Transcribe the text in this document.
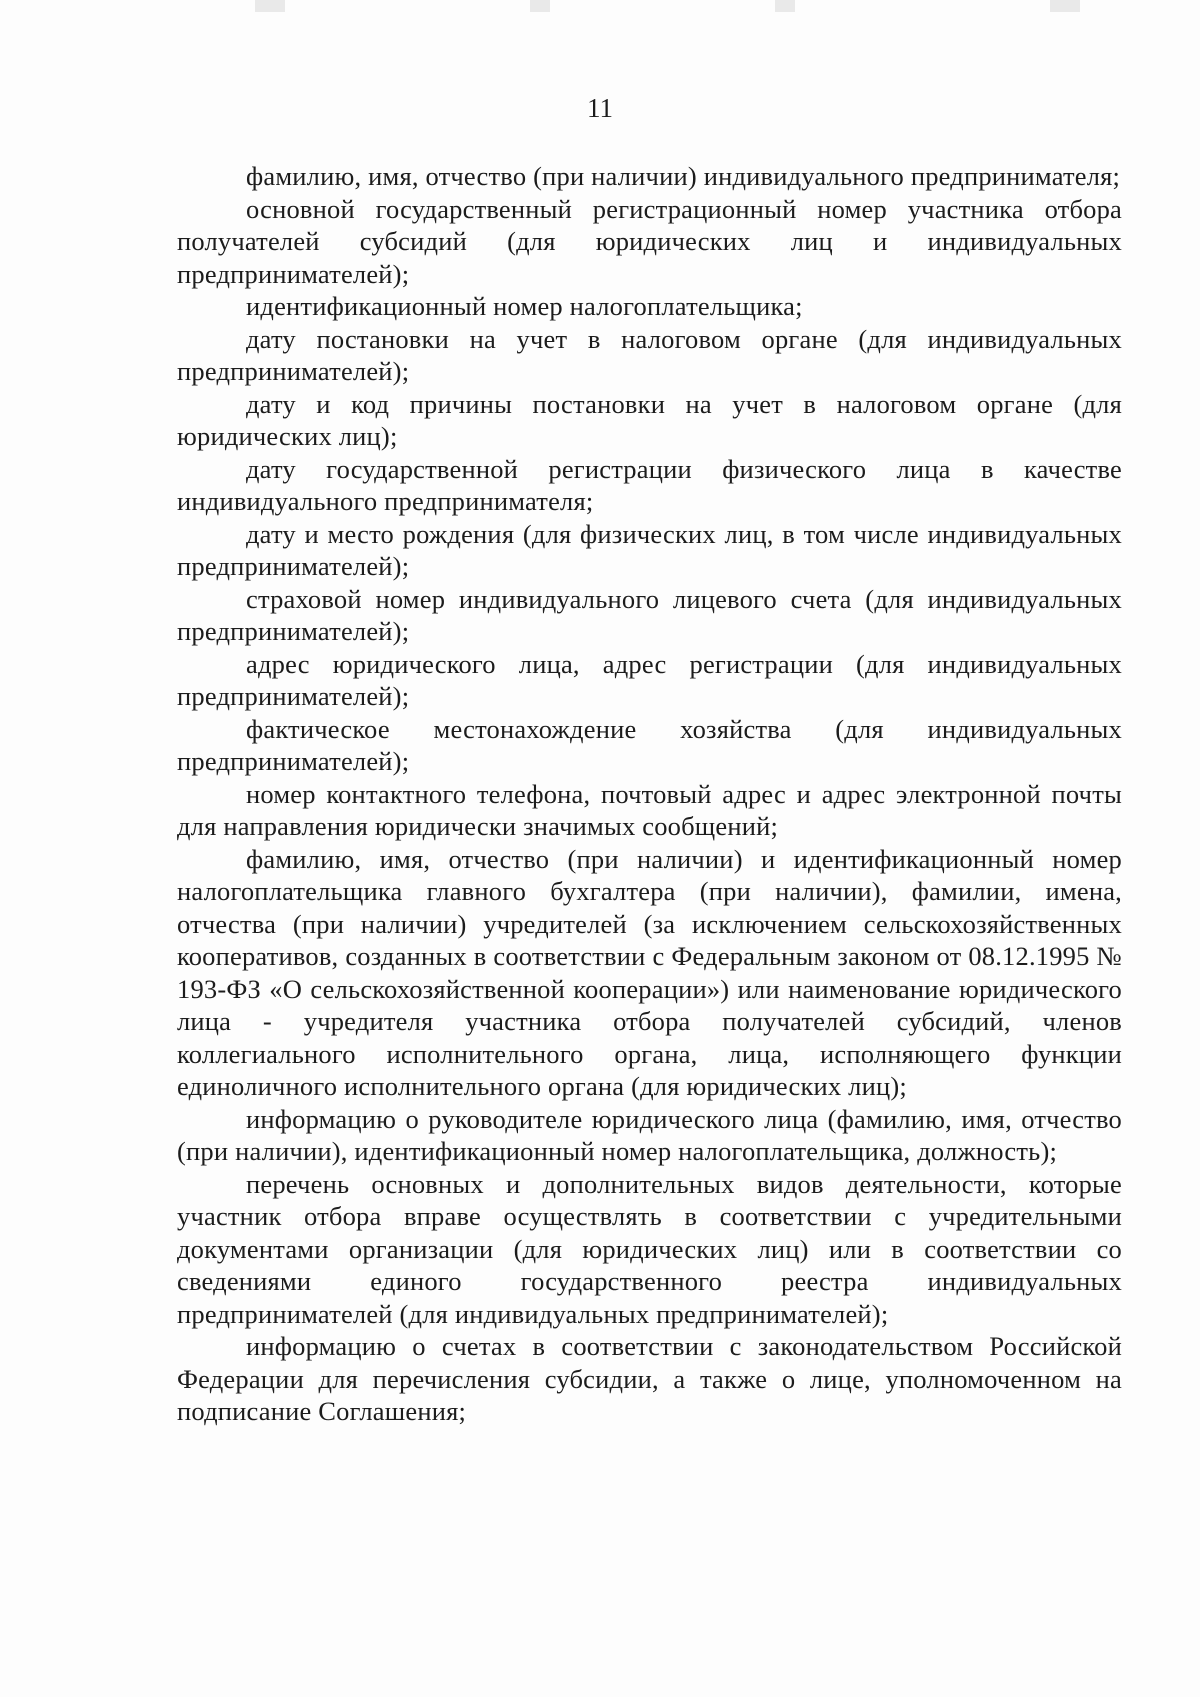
11

фамилию, имя, отчество (при наличии) индивидуального предпринимателя;

основной государственный регистрационный номер участника отбора получателей субсидий (для юридических лиц и индивидуальных предпринимателей);

идентификационный номер налогоплательщика;

дату постановки на учет в налоговом органе (для индивидуальных предпринимателей);

дату и код причины постановки на учет в налоговом органе (для юридических лиц);

дату государственной регистрации физического лица в качестве индивидуального предпринимателя;

дату и место рождения (для физических лиц, в том числе индивидуальных предпринимателей);

страховой номер индивидуального лицевого счета (для индивидуальных предпринимателей);

адрес юридического лица, адрес регистрации (для индивидуальных предпринимателей);

фактическое местонахождение хозяйства (для индивидуальных предпринимателей);

номер контактного телефона, почтовый адрес и адрес электронной почты для направления юридически значимых сообщений;

фамилию, имя, отчество (при наличии) и идентификационный номер налогоплательщика главного бухгалтера (при наличии), фамилии, имена, отчества (при наличии) учредителей (за исключением сельскохозяйственных кооперативов, созданных в соответствии с Федеральным законом от 08.12.1995 № 193-ФЗ «О сельскохозяйственной кооперации») или наименование юридического лица - учредителя участника отбора получателей субсидий, членов коллегиального исполнительного органа, лица, исполняющего функции единоличного исполнительного органа (для юридических лиц);

информацию о руководителе юридического лица (фамилию, имя, отчество (при наличии), идентификационный номер налогоплательщика, должность);

перечень основных и дополнительных видов деятельности, которые участник отбора вправе осуществлять в соответствии с учредительными документами организации (для юридических лиц) или в соответствии со сведениями единого государственного реестра индивидуальных предпринимателей (для индивидуальных предпринимателей);

информацию о счетах в соответствии с законодательством Российской Федерации для перечисления субсидии, а также о лице, уполномоченном на подписание Соглашения;
